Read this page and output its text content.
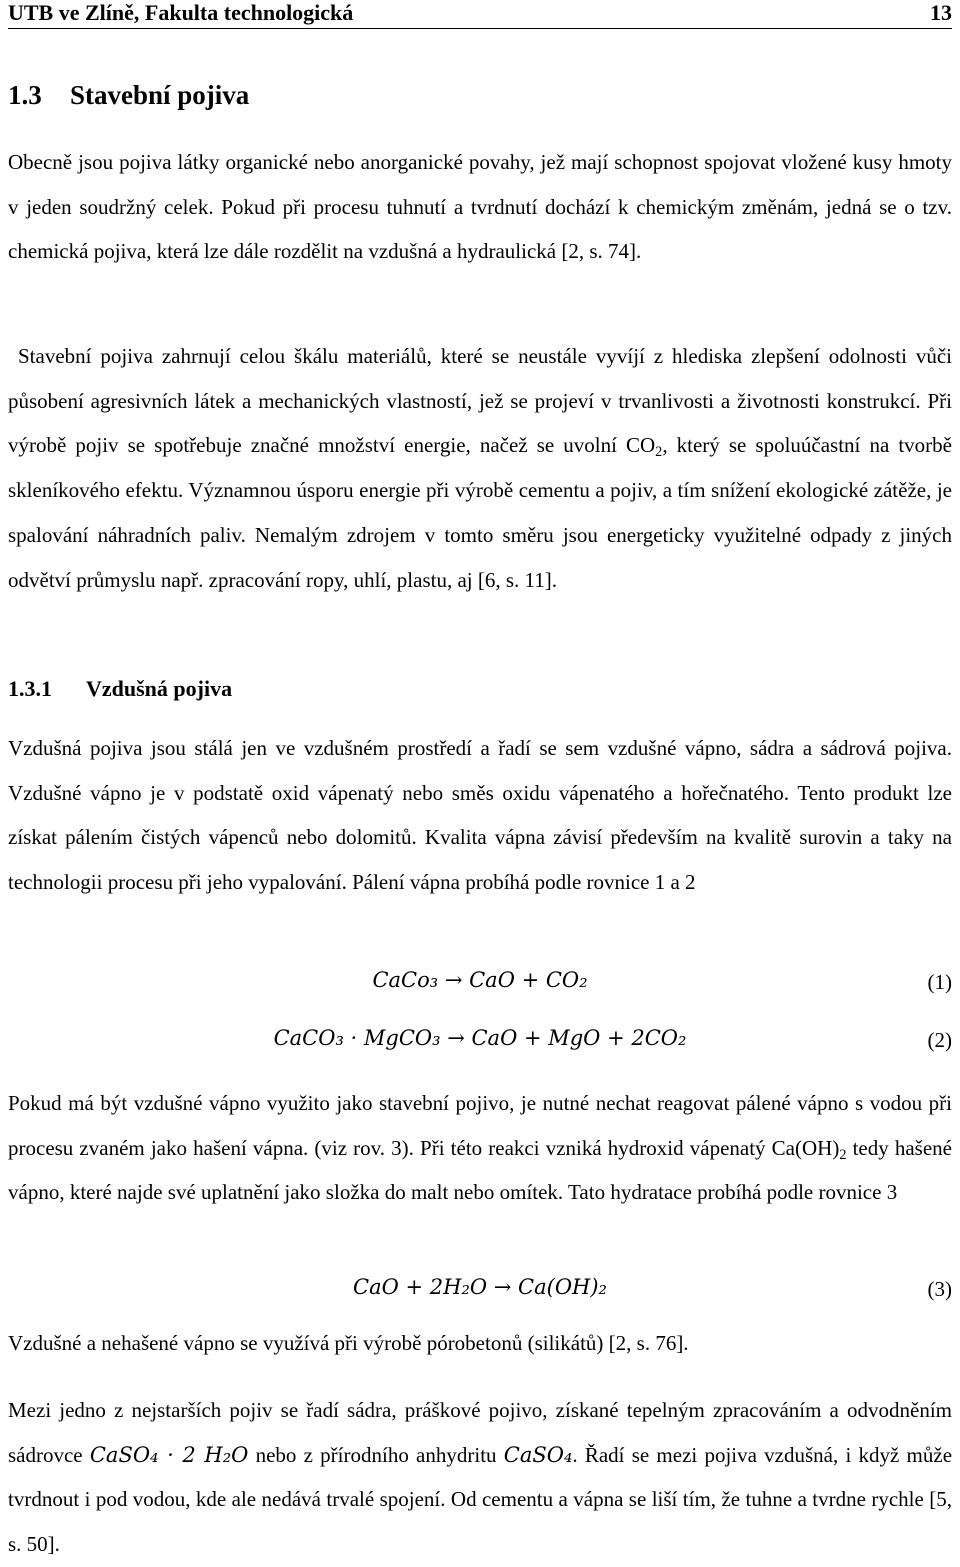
UTB ve Zlíně, Fakulta technologická	13
1.3 Stavební pojiva

Obecně jsou pojiva látky organické nebo anorganické povahy, jež mají schopnost spojovat vložené kusy hmoty v jeden soudržný celek. Pokud při procesu tuhnutí a tvrdnutí dochází k chemickým změnám, jedná se o tzv. chemická pojiva, která lze dále rozdělit na vzdušná a hydraulická [2, s. 74].

Stavební pojiva zahrnují celou škálu materiálů, které se neustále vyvíjí z hlediska zlepšení odolnosti vůči působení agresivních látek a mechanických vlastností, jež se projeví v trvanlivosti a životnosti konstrukcí. Při výrobě pojiv se spotřebuje značné množství energie, načež se uvolní $CO_2$, který se spoluúčastní na tvorbě skleníkového efektu. Významnou úsporu energie při výrobě cementu a pojiv, a tím snížení ekologické zátěže, je spalování náhradních paliv. Nemalým zdrojem v tomto směru jsou energeticky využitelné odpady z jiných odvětví průmyslu např. zpracování ropy, uhlí, plastu, aj [6, s. 11].

1.3.1 Vzdušná pojiva

Vzdušná pojiva jsou stálá jen ve vzdušném prostředí a řadí se sem vzdušné vápno, sádra a sádrová pojiva. Vzdušné vápno je v podstatě oxid vápenatý nebo směs oxidu vápenatého a hořečnatého. Tento produkt lze získat pálením čistých vápenců nebo dolomitů. Kvalita vápna závisí především na kvalitě surovin a taky na technologii procesu při jeho vypalování. Pálení vápna probíhá podle rovnice 1 a 2

CaCo₃ → CaO + CO₂	(1)
CaCO₃ · MgCO₃ → CaO + MgO + 2CO₂	(2)

Pokud má být vzdušné vápno využito jako stavební pojivo, je nutné nechat reagovat pálené vápno s vodou při procesu zvaném jako hašení vápna. (viz rov. 3). Při této reakci vzniká hydroxid vápenatý $Ca(OH)_2$ tedy hašené vápno, které najde své uplatnění jako složka do malt nebo omítek. Tato hydratace probíhá podle rovnice 3

CaO + 2H₂O → Ca(OH)₂	(3)

Vzdušné a nehašené vápno se využívá při výrobě pórobetonů (silikátů) [2, s. 76].

Mezi jedno z nejstarších pojiv se řadí sádra, práškové pojivo, získané tepelným zpracováním a odvodněním sádrovce CaSO₄ · 2 H₂O nebo z přírodního anhydritu CaSO₄. Řadí se mezi pojiva vzdušná, i když může tvrdnout i pod vodou, kde ale nedává trvalé spojení. Od cementu a vápna se liší tím, že tuhne a tvrdne rychle [5, s. 50].
